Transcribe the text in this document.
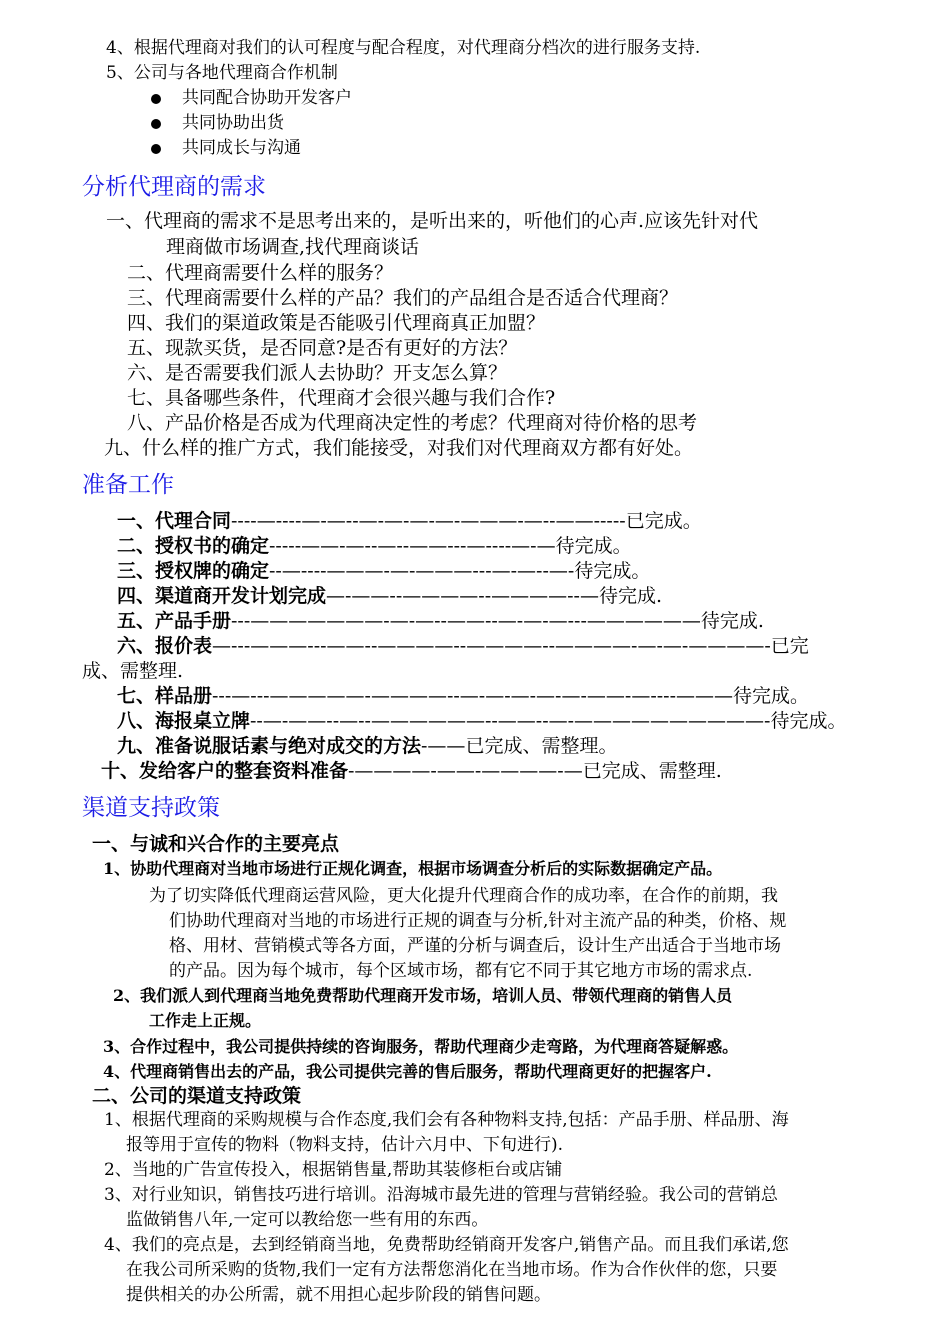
4、根据代理商对我们的认可程度与配合程度，对代理商分档次的进行服务支持.
5、公司与各地代理商合作机制
共同配合协助开发客户
共同协助出货
共同成长与沟通
分析代理商的需求
一、代理商的需求不是思考出来的，是听出来的，听他们的心声.应该先针对代
理商做市场调查,找代理商谈话
二、代理商需要什么样的服务？
三、代理商需要什么样的产品？我们的产品组合是否适合代理商？
四、我们的渠道政策是否能吸引代理商真正加盟？
五、现款买货，是否同意?是否有更好的方法？
六、是否需要我们派人去协助？开支怎么算？
七、具备哪些条件，代理商才会很兴趣与我们合作?
八、产品价格是否成为代理商决定性的考虑？代理商对待价格的思考
九、什么样的推广方式，我们能接受，对我们对代理商双方都有好处。
准备工作
一、代理合同----—----—-—--—-—-—-—-———-—--——-----已完成。
二、授权书的确定-----——-—--—--——---—----—-—待完成。
三、授权牌的确定--—----———-—-———---—-—--—-待完成。
四、渠道商开发计划完成—-——--————--————--—待完成.
五、产品手册---———————-—-—--——--—-—-—---——————待完成.
六、报价表—---———---——--————--————--————-—-—-————-已完
成、需整理.
七、样品册---—---—————-————--—-—-—-—-—-——-—----———待完成。
八、海报桌立牌--—-——--—--——————--——--—-——————————-待完成。
九、准备说服话素与绝对成交的方法-——已完成、需整理。
十、发给客户的整套资料准备-————-——-————-—已完成、需整理.
渠道支持政策
一、与诚和兴合作的主要亮点
1、协助代理商对当地市场进行正规化调查，根据市场调查分析后的实际数据确定产品。
为了切实降低代理商运营风险，更大化提升代理商合作的成功率，在合作的前期，我
们协助代理商对当地的市场进行正规的调查与分析,针对主流产品的种类，价格、规
格、用材、营销模式等各方面，严谨的分析与调查后，设计生产出适合于当地市场
的产品。因为每个城市，每个区域市场，都有它不同于其它地方市场的需求点.
2、我们派人到代理商当地免费帮助代理商开发市场，培训人员、带领代理商的销售人员
工作走上正规。
3、合作过程中，我公司提供持续的咨询服务，帮助代理商少走弯路，为代理商答疑解惑。
4、代理商销售出去的产品，我公司提供完善的售后服务，帮助代理商更好的把握客户.
二、公司的渠道支持政策
1、根据代理商的采购规模与合作态度,我们会有各种物料支持,包括：产品手册、样品册、海
报等用于宣传的物料（物料支持，估计六月中、下旬进行).
2、当地的广告宣传投入，根据销售量,帮助其装修柜台或店铺
3、对行业知识，销售技巧进行培训。沿海城市最先进的管理与营销经验。我公司的营销总
监做销售八年,一定可以教给您一些有用的东西。
4、我们的亮点是，去到经销商当地，免费帮助经销商开发客户,销售产品。而且我们承诺,您
在我公司所采购的货物,我们一定有方法帮您消化在当地市场。作为合作伙伴的您，只要
提供相关的办公所需，就不用担心起步阶段的销售问题。
